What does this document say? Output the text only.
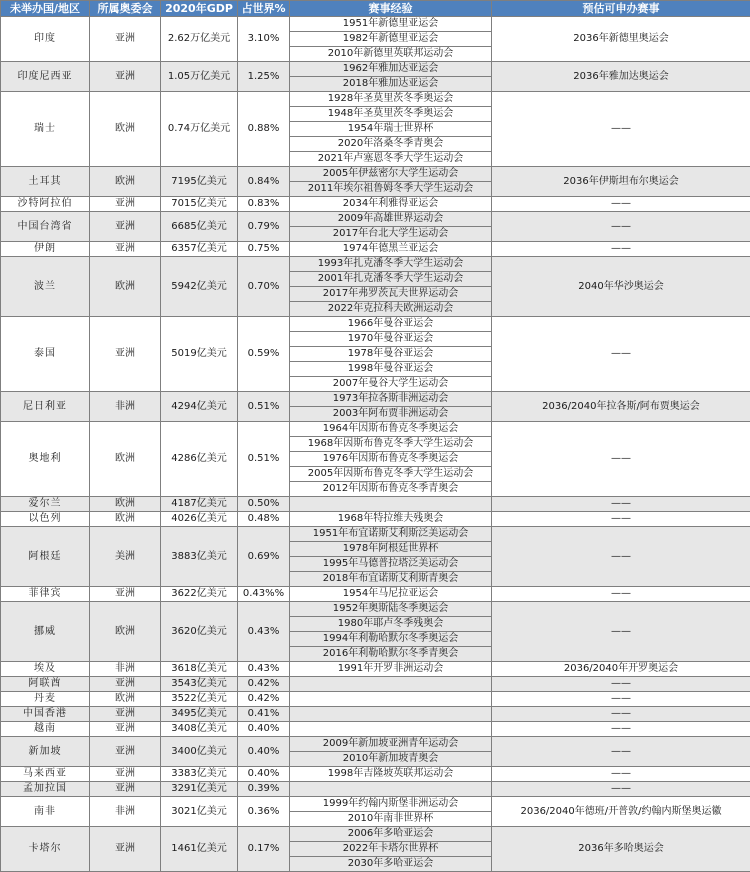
未举办国/地区	所属奥委会	2020年GDP	占世界%	赛事经验	预估可申办赛事
印度	亚洲	2.62万亿美元	3.10%	1951年新德里亚运会	2036年新德里奥运会
				1982年新德里亚运会	
				2010年新德里英联邦运动会	
印度尼西亚	亚洲	1.05万亿美元	1.25%	1962年雅加达亚运会	2036年雅加达奥运会
				2018年雅加达亚运会	
瑞士	欧洲	0.74万亿美元	0.88%	1928年圣莫里茨冬季奥运会	——
				1948年圣莫里茨冬季奥运会	
				1954年瑞士世界杯	
				2020年洛桑冬季青奥会	
				2021年卢塞恩冬季大学生运动会	
土耳其	欧洲	7195亿美元	0.84%	2005年伊兹密尔大学生运动会	2036年伊斯坦布尔奥运会
				2011年埃尔祖鲁姆冬季大学生运动会	
沙特阿拉伯	亚洲	7015亿美元	0.83%	2034年利雅得亚运会	——
中国台湾省	亚洲	6685亿美元	0.79%	2009年高雄世界运动会	——
				2017年台北大学生运动会	
伊朗	亚洲	6357亿美元	0.75%	1974年德黑兰亚运会	——
波兰	欧洲	5942亿美元	0.70%	1993年扎克潘冬季大学生运动会	2040年华沙奥运会
				2001年扎克潘冬季大学生运动会	
				2017年弗罗茨瓦夫世界运动会	
				2022年克拉科夫欧洲运动会	
泰国	亚洲	5019亿美元	0.59%	1966年曼谷亚运会	——
				1970年曼谷亚运会	
				1978年曼谷亚运会	
				1998年曼谷亚运会	
				2007年曼谷大学生运动会	
尼日利亚	非洲	4294亿美元	0.51%	1973年拉各斯非洲运动会	2036/2040年拉各斯/阿布贾奥运会
				2003年阿布贾非洲运动会	
奥地利	欧洲	4286亿美元	0.51%	1964年因斯布鲁克冬季奥运会	——
				1968年因斯布鲁克冬季大学生运动会	
				1976年因斯布鲁克冬季奥运会	
				2005年因斯布鲁克冬季大学生运动会	
				2012年因斯布鲁克冬季青奥会	
爱尔兰	欧洲	4187亿美元	0.50%		——
以色列	欧洲	4026亿美元	0.48%	1968年特拉维夫残奥会	——
阿根廷	美洲	3883亿美元	0.69%	1951年布宜诺斯艾利斯泛美运动会	——
				1978年阿根廷世界杯	
				1995年马德普拉塔泛美运动会	
				2018年布宜诺斯艾利斯青奥会	
菲律宾	亚洲	3622亿美元	0.43%%	1954年马尼拉亚运会	——
挪威	欧洲	3620亿美元	0.43%	1952年奥斯陆冬季奥运会	——
				1980年耶卢冬季残奥会	
				1994年利勒哈默尔冬季奥运会	
				2016年利勒哈默尔冬季青奥会	
埃及	非洲	3618亿美元	0.43%	1991年开罗非洲运动会	2036/2040年开罗奥运会
阿联酋	亚洲	3543亿美元	0.42%		——
丹麦	欧洲	3522亿美元	0.42%		——
中国香港	亚洲	3495亿美元	0.41%		——
越南	亚洲	3408亿美元	0.40%		——
新加坡	亚洲	3400亿美元	0.40%	2009年新加坡亚洲青年运动会	——
				2010年新加坡青奥会	
马来西亚	亚洲	3383亿美元	0.40%	1998年吉隆坡英联邦运动会	——
孟加拉国	亚洲	3291亿美元	0.39%		——
南非	非洲	3021亿美元	0.36%	1999年约翰内斯堡非洲运动会	2036/2040年德班/开普敦/约翰内斯堡奥运徽
				2010年南非世界杯	
卡塔尔	亚洲	1461亿美元	0.17%	2006年多哈亚运会	2036年多哈奥运会
				2022年卡塔尔世界杯	
				2030年多哈亚运会	
